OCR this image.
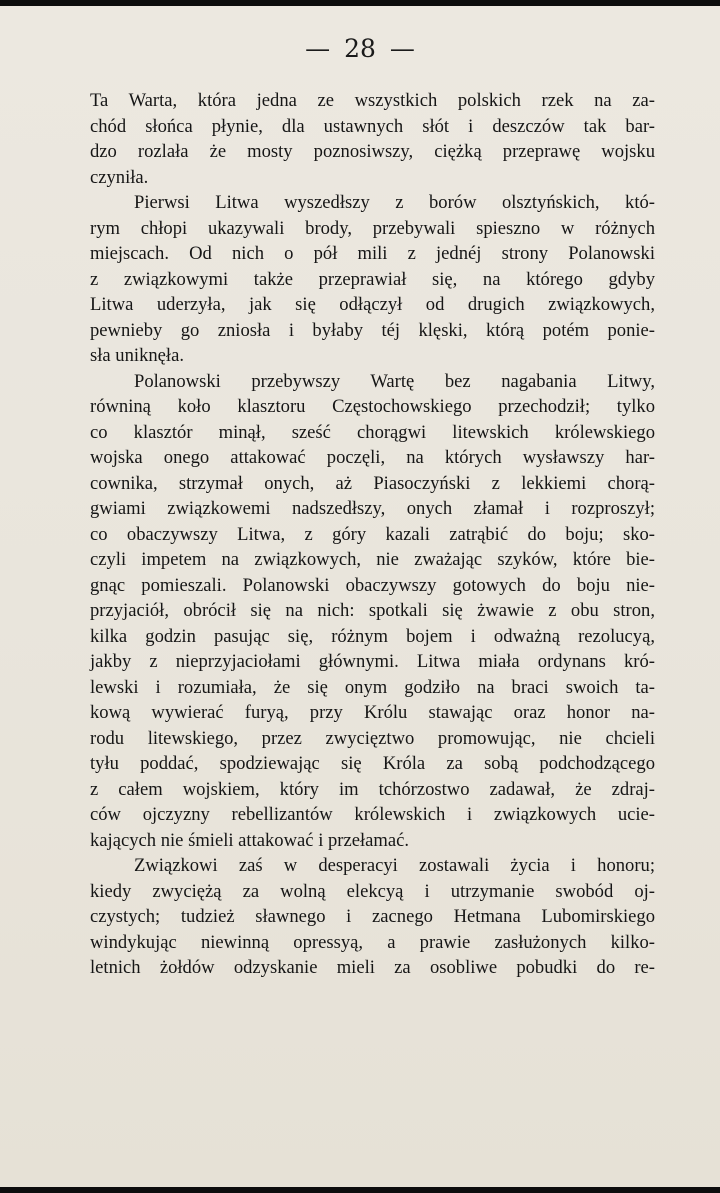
— 28 —

Ta Warta, która jedna ze wszystkich polskich rzek na za-
chód słońca płynie, dla ustawnych słót i deszczów tak bar-
dzo rozlała że mosty poznosiwszy, ciężką przeprawę wojsku
czyniła.

Pierwsi Litwa wyszedłszy z borów olsztyńskich, któ-
rym chłopi ukazywali brody, przebywali spieszno w różnych
miejscach. Od nich o pół mili z jednéj strony Polanowski
z związkowymi także przeprawiał się, na którego gdyby
Litwa uderzyła, jak się odłączył od drugich związkowych,
pewnieby go zniosła i byłaby téj klęski, którą potém ponie-
sła uniknęła.

Polanowski przebywszy Wartę bez nagabania Litwy,
równiną koło klasztoru Częstochowskiego przechodził; tylko
co klasztór minął, sześć chorągwi litewskich królewskiego
wojska onego attakować poczęli, na których wysławszy har-
cownika, strzymał onych, aż Piasoczyński z lekkiemi chorą-
gwiami związkowemi nadszedłszy, onych złamał i rozproszył;
co obaczywszy Litwa, z góry kazali zatrąbić do boju; sko-
czyli impetem na związkowych, nie zważając szyków, które bie-
gnąc pomieszali. Polanowski obaczywszy gotowych do boju nie-
przyjaciół, obrócił się na nich: spotkali się żwawie z obu stron,
kilka godzin pasując się, różnym bojem i odważną rezolucyą,
jakby z nieprzyjaciołami głównymi. Litwa miała ordynans kró-
lewski i rozumiała, że się onym godziło na braci swoich ta-
kową wywierać furyą, przy Królu stawając oraz honor na-
rodu litewskiego, przez zwycięztwo promowując, nie chcieli
tyłu poddać, spodziewając się Króla za sobą podchodzącego
z całem wojskiem, który im tchórzostwo zadawał, że zdraj-
ców ojczyzny rebellizantów królewskich i związkowych ucie-
kających nie śmieli attakować i przełamać.

Związkowi zaś w desperacyi zostawali życia i honoru;
kiedy zwyciężą za wolną elekcyą i utrzymanie swobód oj-
czystych; tudzież sławnego i zacnego Hetmana Lubomirskiego
windykując niewinną opressyą, a prawie zasłużonych kilko-
letnich żołdów odzyskanie mieli za osobliwe pobudki do re-
